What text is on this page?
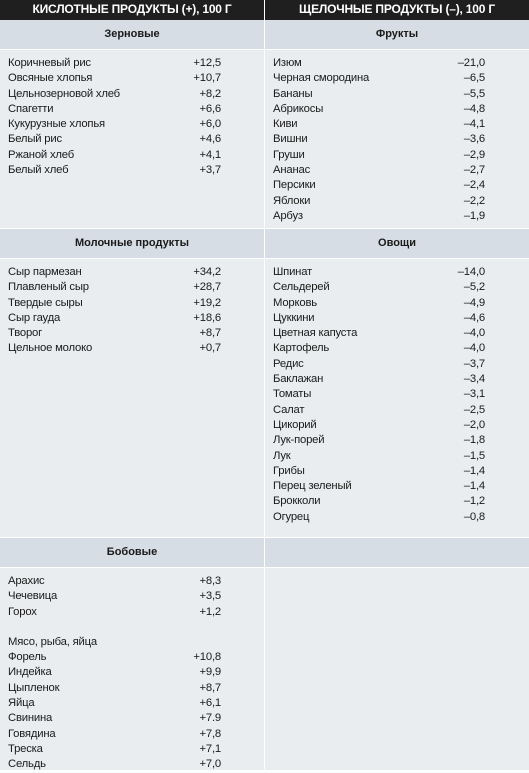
КИСЛОТНЫЕ ПРОДУКТЫ (+), 100 Г	ЩЕЛОЧНЫЕ ПРОДУКТЫ (–), 100 Г
Зерновые
Коричневый рис	+12,5
Овсяные хлопья	+10,7
Цельнозерновой хлеб	+8,2
Спагетти	+6,6
Кукурузные хлопья	+6,0
Белый рис	+4,6
Ржаной хлеб	+4,1
Белый хлеб	+3,7
Молочные продукты
Сыр пармезан	+34,2
Плавленый сыр	+28,7
Твердые сыры	+19,2
Сыр гауда	+18,6
Творог	+8,7
Цельное молоко	+0,7
Бобовые
Арахис	+8,3
Чечевица	+3,5
Горох	+1,2
Мясо, рыба, яйца
Форель	+10,8
Индейка	+9,9
Цыпленок	+8,7
Яйца	+6,1
Свинина	+7.9
Говядина	+7,8
Треска	+7,1
Сельдь	+7,0
Фрукты
Изюм	–21,0
Черная смородина	–6,5
Бананы	–5,5
Абрикосы	–4,8
Киви	–4,1
Вишни	–3,6
Груши	–2,9
Ананас	–2,7
Персики	–2,4
Яблоки	–2,2
Арбуз	–1,9
Овощи
Шпинат	–14,0
Сельдерей	–5,2
Морковь	–4,9
Цуккини	–4,6
Цветная капуста	–4,0
Картофель	–4,0
Редис	–3,7
Баклажан	–3,4
Томаты	–3,1
Салат	–2,5
Цикорий	–2,0
Лук-порей	–1,8
Лук	–1,5
Грибы	–1,4
Перец зеленый	–1,4
Брокколи	–1,2
Огурец	–0,8
